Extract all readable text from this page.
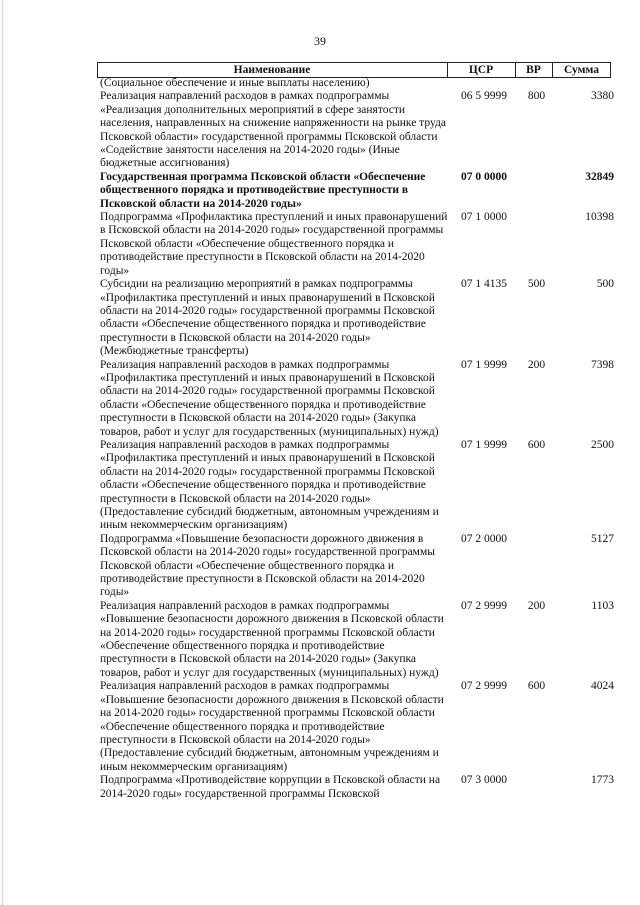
39
Наименование	ЦСР	ВР	Сумма
(Социальное обеспечение и иные выплаты населению)			
Реализация направлений расходов в рамках подпрограммы «Реализация дополнительных мероприятий в сфере занятости населения, направленных на снижение напряженности на рынке труда Псковской области» государственной программы Псковской области «Содействие занятости населения на 2014-2020 годы» (Иные бюджетные ассигнования)	06 5 9999	800	3380
Государственная программа Псковской области «Обеспечение общественного порядка и противодействие преступности в Псковской области на 2014-2020 годы»	07 0 0000		32849
Подпрограмма «Профилактика преступлений и иных правонарушений в Псковской области на 2014-2020 годы» государственной программы Псковской области «Обеспечение общественного порядка и противодействие преступности в Псковской области на 2014-2020 годы»	07 1 0000		10398
Субсидии на реализацию мероприятий в рамках подпрограммы «Профилактика преступлений и иных правонарушений в Псковской области на 2014-2020 годы» государственной программы Псковской области «Обеспечение общественного порядка и противодействие преступности в Псковской области на 2014-2020 годы» (Межбюджетные трансферты)	07 1 4135	500	500
Реализация направлений расходов в рамках подпрограммы «Профилактика преступлений и иных правонарушений в Псковской области на 2014-2020 годы» государственной программы Псковской области «Обеспечение общественного порядка и противодействие преступности в Псковской области на 2014-2020 годы» (Закупка товаров, работ и услуг для государственных (муниципальных) нужд)	07 1 9999	200	7398
Реализация направлений расходов в рамках подпрограммы «Профилактика преступлений и иных правонарушений в Псковской области на 2014-2020 годы» государственной программы Псковской области «Обеспечение общественного порядка и противодействие преступности в Псковской области на 2014-2020 годы» (Предоставление субсидий бюджетным, автономным учреждениям и иным некоммерческим организациям)	07 1 9999	600	2500
Подпрограмма «Повышение безопасности дорожного движения в Псковской области на 2014-2020 годы» государственной программы Псковской области «Обеспечение общественного порядка и противодействие преступности в Псковской области на 2014-2020 годы»	07 2 0000		5127
Реализация направлений расходов в рамках подпрограммы «Повышение безопасности дорожного движения в Псковской области на 2014-2020 годы» государственной программы Псковской области «Обеспечение общественного порядка и противодействие преступности в Псковской области на 2014-2020 годы» (Закупка товаров, работ и услуг для государственных (муниципальных) нужд)	07 2 9999	200	1103
Реализация направлений расходов в рамках подпрограммы «Повышение безопасности дорожного движения в Псковской области на 2014-2020 годы» государственной программы Псковской области «Обеспечение общественного порядка и противодействие преступности в Псковской области на 2014-2020 годы» (Предоставление субсидий бюджетным, автономным учреждениям и иным некоммерческим организациям)	07 2 9999	600	4024
Подпрограмма «Противодействие коррупции в Псковской области на 2014-2020 годы» государственной программы Псковской	07 3 0000		1773
